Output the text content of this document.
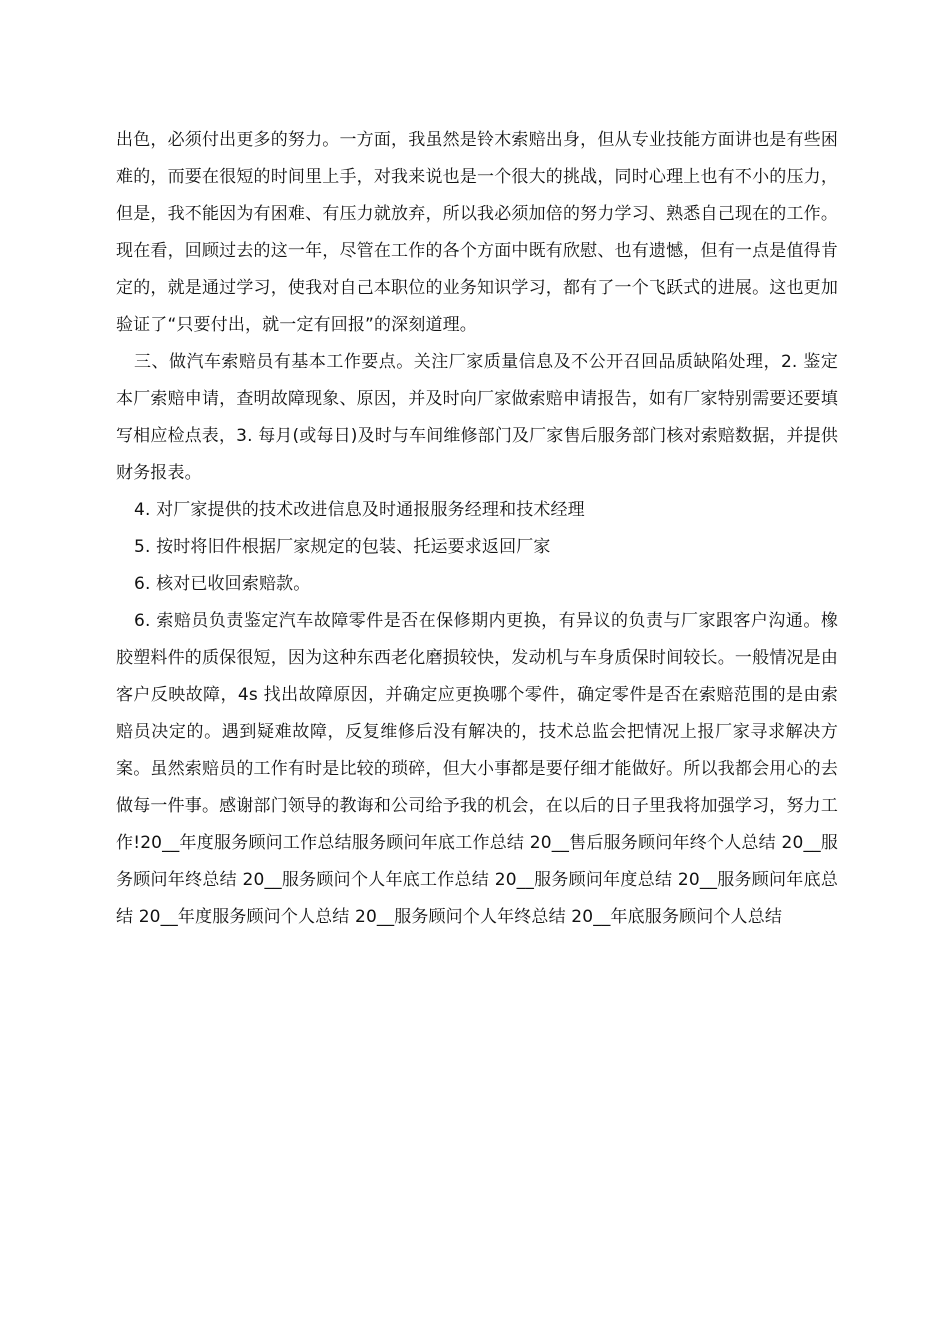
出色，必须付出更多的努力。一方面，我虽然是铃木索赔出身，但从专业技能方面讲也是有些困难的，而要在很短的时间里上手，对我来说也是一个很大的挑战，同时心理上也有不小的压力，但是，我不能因为有困难、有压力就放弃，所以我必须加倍的努力学习、熟悉自己现在的工作。现在看，回顾过去的这一年，尽管在工作的各个方面中既有欣慰、也有遗憾，但有一点是值得肯定的，就是通过学习，使我对自己本职位的业务知识学习，都有了一个飞跃式的进展。这也更加验证了“只要付出，就一定有回报”的深刻道理。

三、做汽车索赔员有基本工作要点。关注厂家质量信息及不公开召回品质缺陷处理，2. 鉴定本厂索赔申请，查明故障现象、原因，并及时向厂家做索赔申请报告，如有厂家特别需要还要填写相应检点表，3. 每月(或每日)及时与车间维修部门及厂家售后服务部门核对索赔数据，并提供财务报表。

4. 对厂家提供的技术改进信息及时通报服务经理和技术经理

5. 按时将旧件根据厂家规定的包装、托运要求返回厂家

6. 核对已收回索赔款。

6. 索赔员负责鉴定汽车故障零件是否在保修期内更换，有异议的负责与厂家跟客户沟通。橡胶塑料件的质保很短，因为这种东西老化磨损较快，发动机与车身质保时间较长。一般情况是由客户反映故障，4s 找出故障原因，并确定应更换哪个零件，确定零件是否在索赔范围的是由索赔员决定的。遇到疑难故障，反复维修后没有解决的，技术总监会把情况上报厂家寻求解决方案。虽然索赔员的工作有时是比较的琐碎，但大小事都是要仔细才能做好。所以我都会用心的去做每一件事。感谢部门领导的教诲和公司给予我的机会，在以后的日子里我将加强学习，努力工作!20__年度服务顾问工作总结服务顾问年底工作总结 20__售后服务顾问年终个人总结 20__服务顾问年终总结 20__服务顾问个人年底工作总结 20__服务顾问年度总结 20__服务顾问年底总结 20__年度服务顾问个人总结 20__服务顾问个人年终总结 20__年底服务顾问个人总结
